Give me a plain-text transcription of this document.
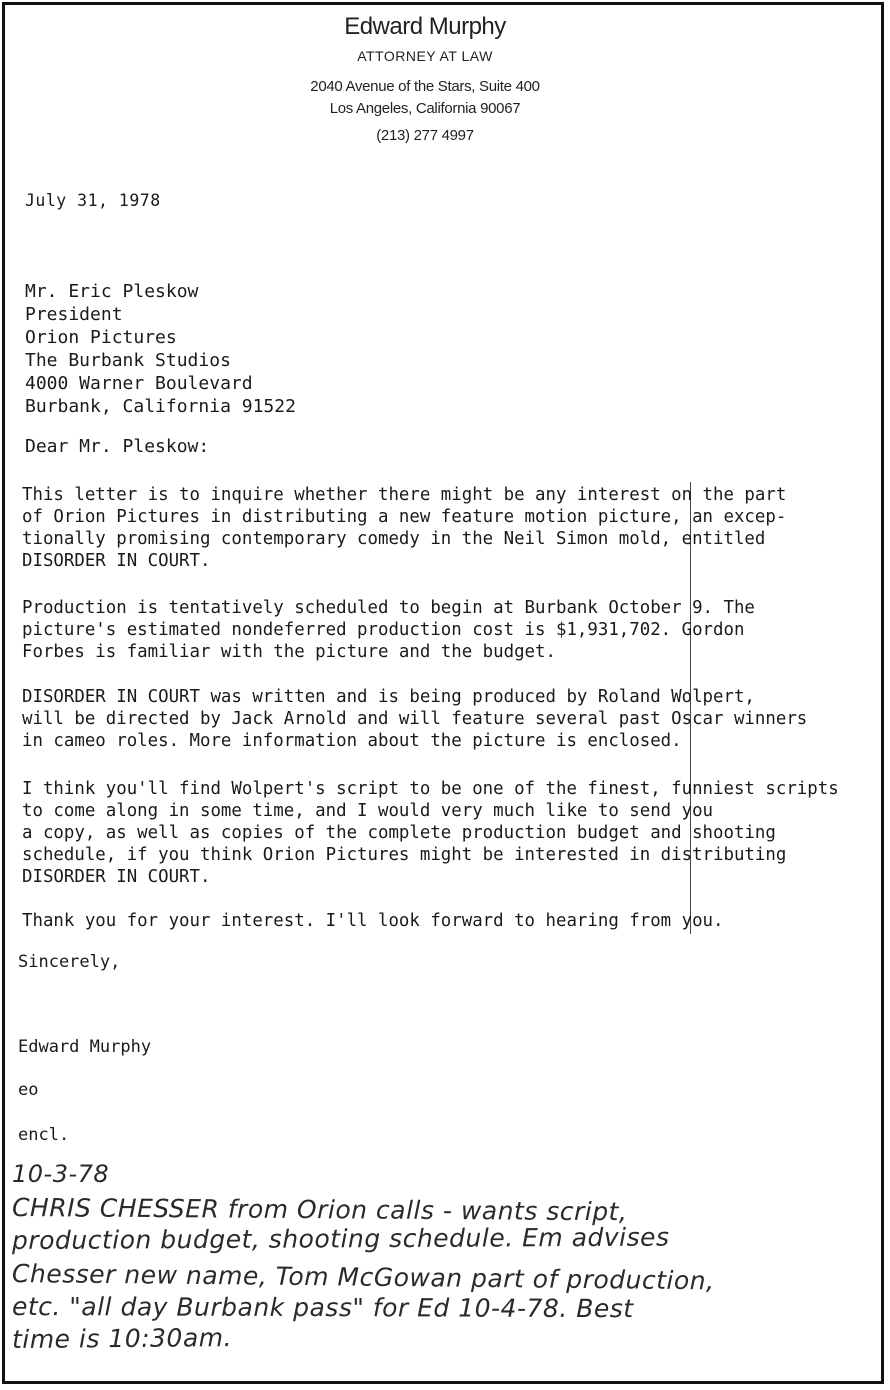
Edward Murphy
ATTORNEY AT LAW
2040 Avenue of the Stars, Suite 400
Los Angeles, California 90067
(213) 277 4997
July 31, 1978
Mr. Eric Pleskow
President
Orion Pictures
The Burbank Studios
4000 Warner Boulevard
Burbank, California 91522
Dear Mr. Pleskow:
This letter is to inquire whether there might be any interest on the part
of Orion Pictures in distributing a new feature motion picture, an excep-
tionally promising contemporary comedy in the Neil Simon mold, entitled
DISORDER IN COURT.
Production is tentatively scheduled to begin at Burbank October 9. The
picture's estimated nondeferred production cost is $1,931,702. Gordon
Forbes is familiar with the picture and the budget.
DISORDER IN COURT was written and is being produced by Roland Wolpert,
will be directed by Jack Arnold and will feature several past Oscar winners
in cameo roles. More information about the picture is enclosed.
I think you'll find Wolpert's script to be one of the finest, funniest scripts
to come along in some time, and I would very much like to send you
a copy, as well as copies of the complete production budget and shooting
schedule, if you think Orion Pictures might be interested in distributing
DISORDER IN COURT.
Thank you for your interest. I'll look forward to hearing from you.
Sincerely,
Edward Murphy
eo
encl.
10-3-78
CHRIS CHESSER from Orion calls - wants script,
production budget, shooting schedule. Em advises
Chesser new name, Tom McGowan part of production,
etc. "all day Burbank pass" for Ed 10-4-78. Best
time is 10:30am.
